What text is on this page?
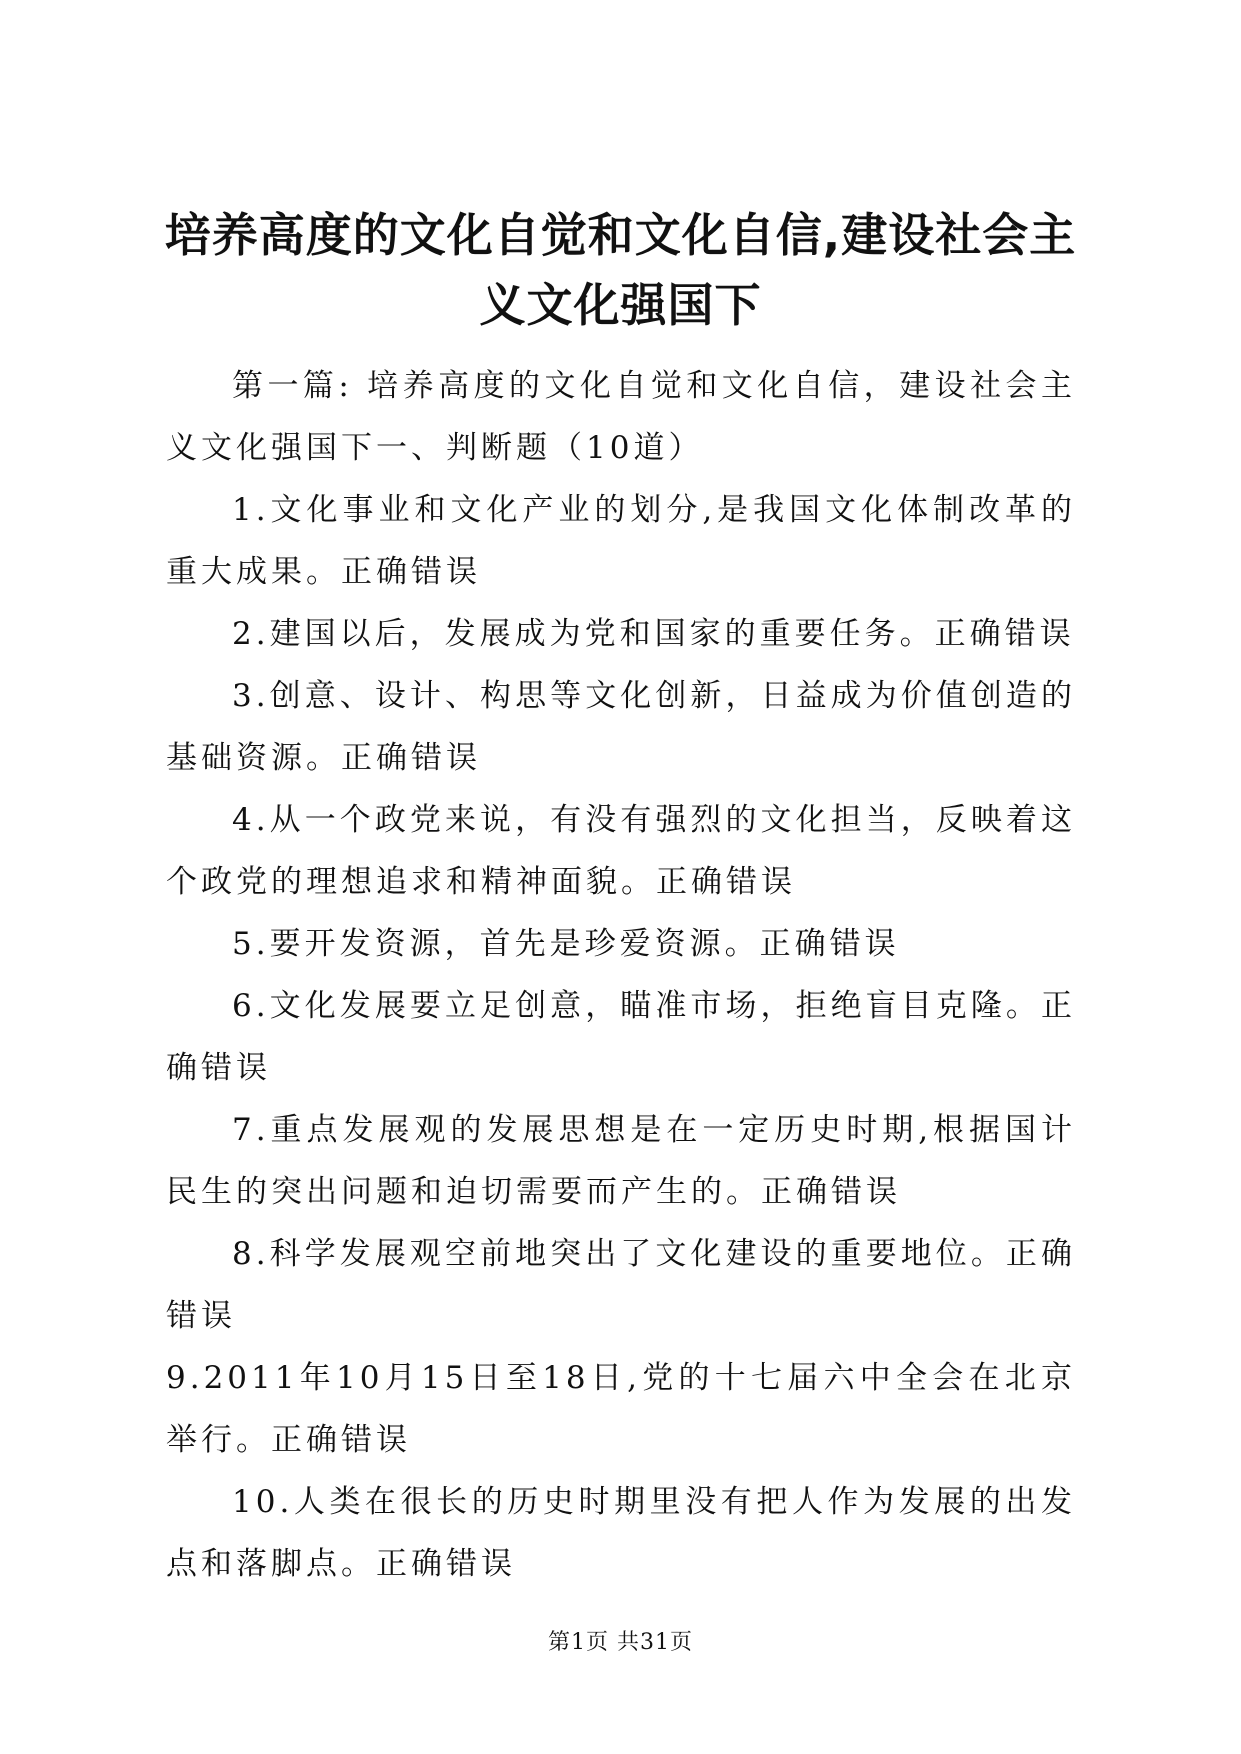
培养高度的文化自觉和文化自信,建设社会主义文化强国下

第一篇: 培养高度的文化自觉和文化自信，建设社会主义文化强国下一、判断题（10道）

1.文化事业和文化产业的划分,是我国文化体制改革的重大成果。正确错误

2.建国以后，发展成为党和国家的重要任务。正确错误

3.创意、设计、构思等文化创新，日益成为价值创造的基础资源。正确错误

4.从一个政党来说，有没有强烈的文化担当，反映着这个政党的理想追求和精神面貌。正确错误

5.要开发资源，首先是珍爱资源。正确错误

6.文化发展要立足创意，瞄准市场，拒绝盲目克隆。正确错误

7.重点发展观的发展思想是在一定历史时期,根据国计民生的突出问题和迫切需要而产生的。正确错误

8.科学发展观空前地突出了文化建设的重要地位。正确错误

9.2011年10月15日至18日,党的十七届六中全会在北京举行。正确错误

10.人类在很长的历史时期里没有把人作为发展的出发点和落脚点。正确错误

第1页 共31页
